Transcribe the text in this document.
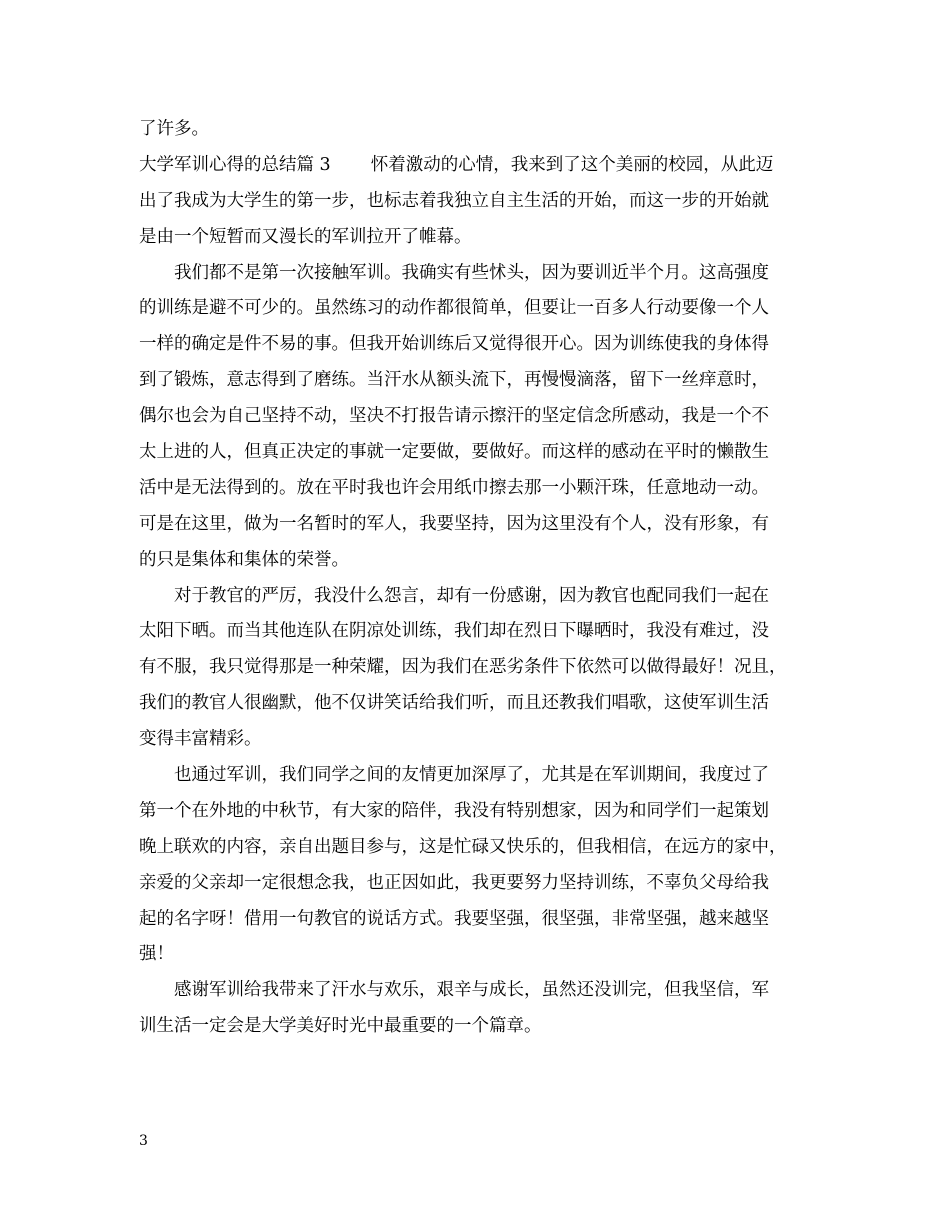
了许多。
大学军训心得的总结篇 3 怀着激动的心情，我来到了这个美丽的校园，从此迈
出了我成为大学生的第一步，也标志着我独立自主生活的开始，而这一步的开始就
是由一个短暂而又漫长的军训拉开了帷幕。
我们都不是第一次接触军训。我确实有些怵头，因为要训近半个月。这高强度
的训练是避不可少的。虽然练习的动作都很简单，但要让一百多人行动要像一个人
一样的确定是件不易的事。但我开始训练后又觉得很开心。因为训练使我的身体得
到了锻炼，意志得到了磨练。当汗水从额头流下，再慢慢滴落，留下一丝痒意时，
偶尔也会为自己坚持不动，坚决不打报告请示擦汗的坚定信念所感动，我是一个不
太上进的人，但真正决定的事就一定要做，要做好。而这样的感动在平时的懒散生
活中是无法得到的。放在平时我也许会用纸巾擦去那一小颗汗珠，任意地动一动。
可是在这里，做为一名暂时的军人，我要坚持，因为这里没有个人，没有形象，有
的只是集体和集体的荣誉。
对于教官的严厉，我没什么怨言，却有一份感谢，因为教官也配同我们一起在
太阳下晒。而当其他连队在阴凉处训练，我们却在烈日下曝晒时，我没有难过，没
有不服，我只觉得那是一种荣耀，因为我们在恶劣条件下依然可以做得最好！况且，
我们的教官人很幽默，他不仅讲笑话给我们听，而且还教我们唱歌，这使军训生活
变得丰富精彩。
也通过军训，我们同学之间的友情更加深厚了，尤其是在军训期间，我度过了
第一个在外地的中秋节，有大家的陪伴，我没有特别想家，因为和同学们一起策划
晚上联欢的内容，亲自出题目参与，这是忙碌又快乐的，但我相信，在远方的家中，
亲爱的父亲却一定很想念我，也正因如此，我更要努力坚持训练，不辜负父母给我
起的名字呀！借用一句教官的说话方式。我要坚强，很坚强，非常坚强，越来越坚
强！
感谢军训给我带来了汗水与欢乐，艰辛与成长，虽然还没训完，但我坚信，军
训生活一定会是大学美好时光中最重要的一个篇章。
3
